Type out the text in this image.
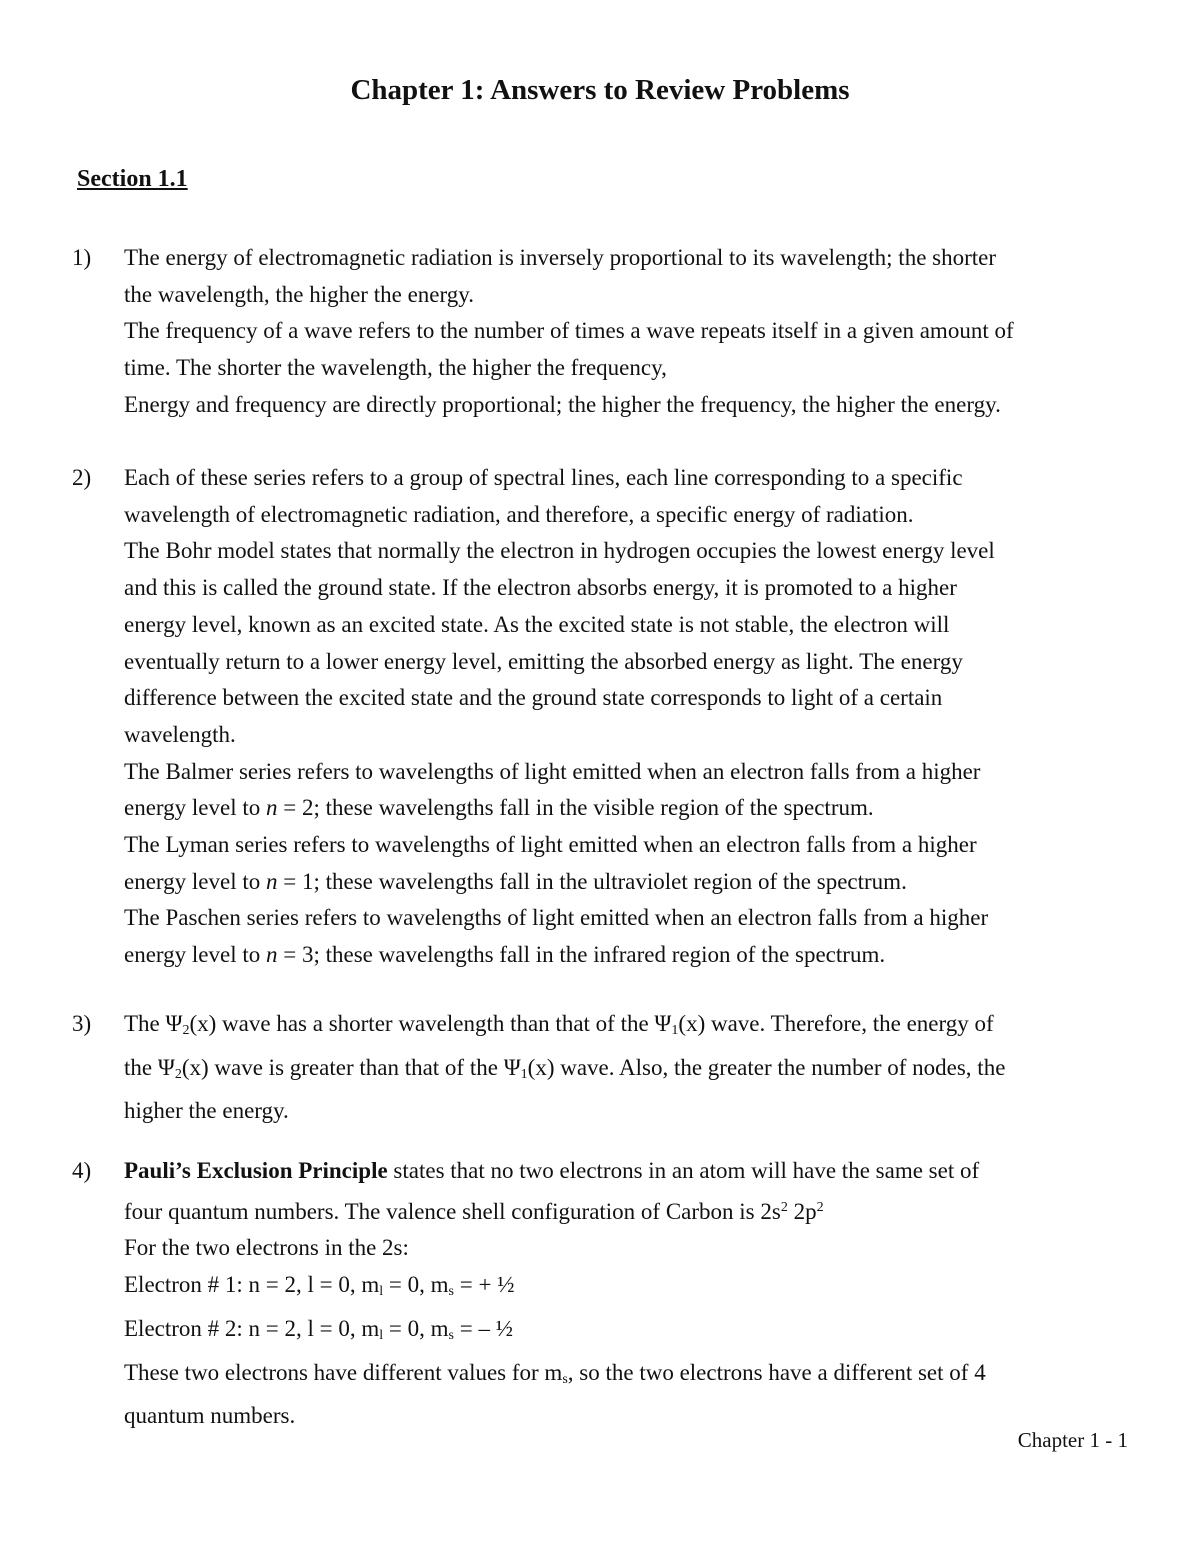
Chapter 1: Answers to Review Problems
Section 1.1
1) The energy of electromagnetic radiation is inversely proportional to its wavelength; the shorter
the wavelength, the higher the energy.
The frequency of a wave refers to the number of times a wave repeats itself in a given amount of
time. The shorter the wavelength, the higher the frequency,
Energy and frequency are directly proportional; the higher the frequency, the higher the energy.
2) Each of these series refers to a group of spectral lines, each line corresponding to a specific
wavelength of electromagnetic radiation, and therefore, a specific energy of radiation.
The Bohr model states that normally the electron in hydrogen occupies the lowest energy level
and this is called the ground state. If the electron absorbs energy, it is promoted to a higher
energy level, known as an excited state. As the excited state is not stable, the electron will
eventually return to a lower energy level, emitting the absorbed energy as light. The energy
difference between the excited state and the ground state corresponds to light of a certain
wavelength.
The Balmer series refers to wavelengths of light emitted when an electron falls from a higher
energy level to n = 2; these wavelengths fall in the visible region of the spectrum.
The Lyman series refers to wavelengths of light emitted when an electron falls from a higher
energy level to n = 1; these wavelengths fall in the ultraviolet region of the spectrum.
The Paschen series refers to wavelengths of light emitted when an electron falls from a higher
energy level to n = 3; these wavelengths fall in the infrared region of the spectrum.
3) The $\Psi_2(x)$ wave has a shorter wavelength than that of the $\Psi_1(x)$ wave. Therefore, the energy of
the $\Psi_2(x)$ wave is greater than that of the $\Psi_1(x)$ wave. Also, the greater the number of nodes, the
higher the energy.
4) Pauli’s Exclusion Principle states that no two electrons in an atom will have the same set of
four quantum numbers. The valence shell configuration of Carbon is $2s^2$ $2p^2$
For the two electrons in the 2s:
Electron # 1: n = 2, l = 0, $m_l = 0$, $m_s$ = + ½
Electron # 2: n = 2, l = 0, $m_l = 0$, $m_s$ = – ½
These two electrons have different values for $m_s$, so the two electrons have a different set of 4
quantum numbers.
Chapter 1 - 1
